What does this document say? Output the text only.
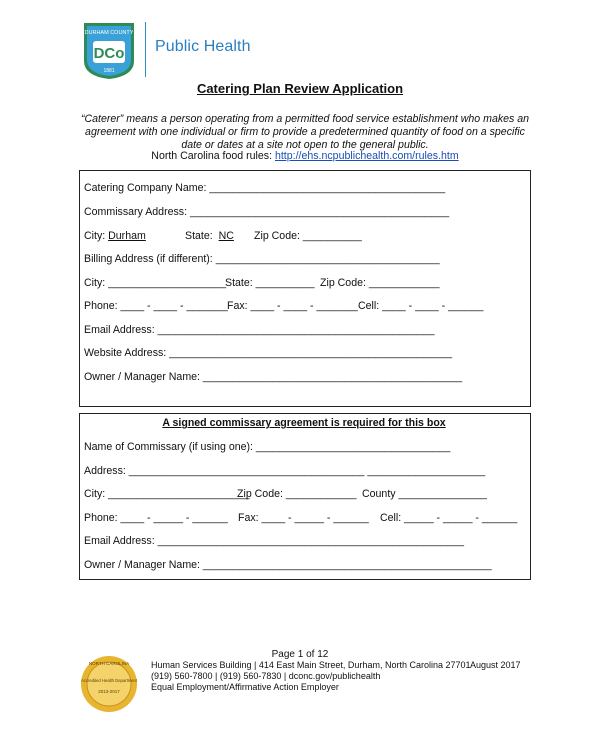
DURHAM COUNTY
DCo
1881
Public Health
Catering Plan Review Application
“Caterer” means a person operating from a permitted food service establishment who makes an agreement with one individual or firm to provide a predetermined quantity of food on a specific date or dates at a site not open to the general public.
North Carolina food rules: http://ehs.ncpublichealth.com/rules.htm
Catering Company Name: ________________________________________
Commissary Address: ____________________________________________
City: Durham	State: NC Zip Code: __________
Billing Address (if different): ______________________________________
City: ____________________ State: __________ Zip Code: ____________
Phone: ____ - ____ - _______ Fax: ____ - ____ - _______ Cell: ____ - ____ - ______
Email Address: _______________________________________________
Website Address: ________________________________________________
Owner / Manager Name: ____________________________________________
A signed commissary agreement is required for this box
Name of Commissary (if using one): _________________________________
Address: ________________________________________ ____________________
City: ________________________
Zip Code: ____________ County _______________
Phone: ____ - _____ - ______ Fax: ____ - _____ - ______ Cell: _____ - _____ - ______
Email Address: ____________________________________________________
Owner / Manager Name: _________________________________________________
Page 1 of 12
NORTH CAROLINA
Accredited Health Department
2013-2017
Human Services Building | 414 East Main Street, Durham, North Carolina 27701 August 2017
(919) 560-7800 | (919) 560-7830 | dconc.gov/publichealth
Equal Employment/Affirmative Action Employer
